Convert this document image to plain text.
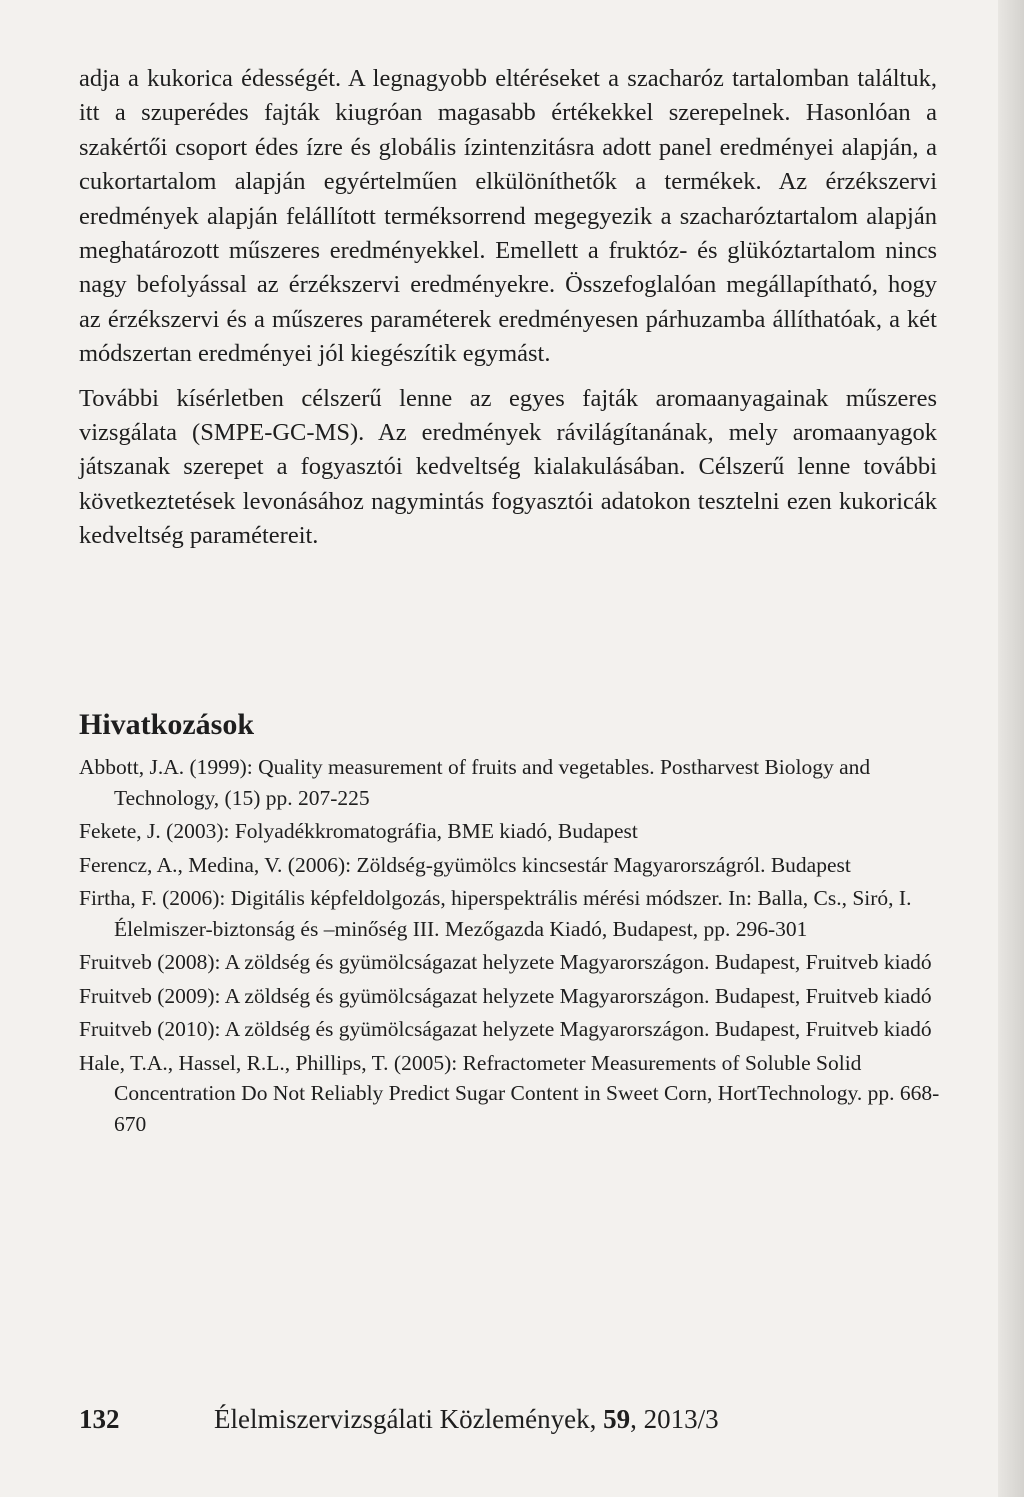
adja a kukorica édességét. A legnagyobb eltéréseket a szacharóz tartalomban találtuk, itt a szuperédes fajták kiugróan magasabb értékekkel szerepelnek. Hasonlóan a szakértői csoport édes ízre és globális ízintenzitásra adott panel eredményei alapján, a cukortartalom alapján egyértelműen elkülöníthetők a termékek. Az érzékszervi eredmények alapján felállított terméksorrend megegyezik a szacharóztartalom alapján meghatározott műszeres eredményekkel. Emellett a fruktóz- és glükóztartalom nincs nagy befolyással az érzékszervi eredményekre. Összefoglalóan megállapítható, hogy az érzékszervi és a műszeres paraméterek eredményesen párhuzamba állíthatóak, a két módszertan eredményei jól kiegészítik egymást.

További kísérletben célszerű lenne az egyes fajták aromaanyagainak műszeres vizsgálata (SMPE-GC-MS). Az eredmények rávilágítanának, mely aromaanyagok játszanak szerepet a fogyasztói kedveltség kialakulásában. Célszerű lenne további következtetések levonásához nagymintás fogyasztói adatokon tesztelni ezen kukoricák kedveltség paramétereit.

Hivatkozások
Abbott, J.A. (1999): Quality measurement of fruits and vegetables. Postharvest Biology and Technology, (15) pp. 207-225
Fekete, J. (2003): Folyadékkromatográfia, BME kiadó, Budapest
Ferencz, A., Medina, V. (2006): Zöldség-gyümölcs kincsestár Magyarországról. Budapest
Firtha, F. (2006): Digitális képfeldolgozás, hiperspektrális mérési módszer. In: Balla, Cs., Siró, I. Élelmiszer-biztonság és –minőség III. Mezőgazda Kiadó, Budapest, pp. 296-301
Fruitveb (2008): A zöldség és gyümölcságazat helyzete Magyarországon. Budapest, Fruitveb kiadó
Fruitveb (2009): A zöldség és gyümölcságazat helyzete Magyarországon. Budapest, Fruitveb kiadó
Fruitveb (2010): A zöldség és gyümölcságazat helyzete Magyarországon. Budapest, Fruitveb kiadó
Hale, T.A., Hassel, R.L., Phillips, T. (2005): Refractometer Measurements of Soluble Solid Concentration Do Not Reliably Predict Sugar Content in Sweet Corn, HortTechnology. pp. 668-670
132	Élelmiszervizsgálati Közlemények, 59, 2013/3
